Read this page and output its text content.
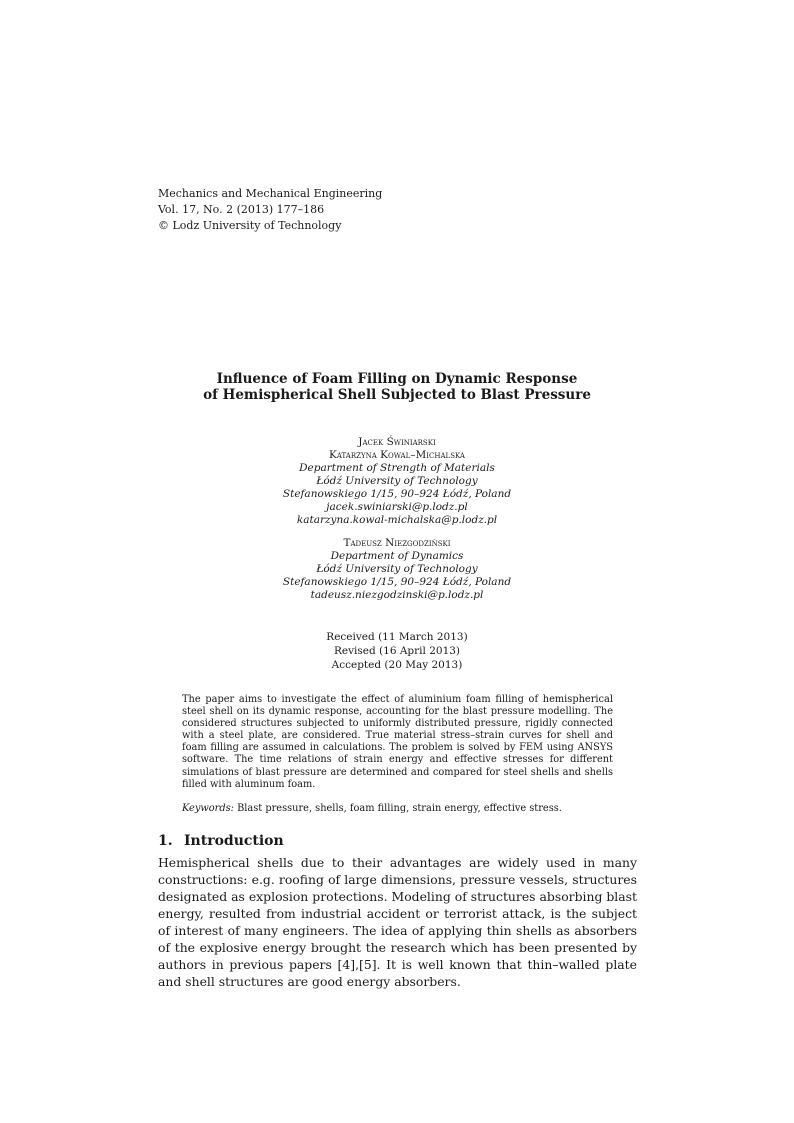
Mechanics and Mechanical Engineering
Vol. 17, No. 2 (2013) 177–186
© Lodz University of Technology
Influence of Foam Filling on Dynamic Response
of Hemispherical Shell Subjected to Blast Pressure
Jacek Świniarski
Katarzyna Kowal–Michalska
Department of Strength of Materials
Łódź University of Technology
Stefanowskiego 1/15, 90–924 Łódź, Poland
jacek.swiniarski@p.lodz.pl
katarzyna.kowal-michalska@p.lodz.pl
Tadeusz Niezgodziński
Department of Dynamics
Łódź University of Technology
Stefanowskiego 1/15, 90–924 Łódź, Poland
tadeusz.niezgodzinski@p.lodz.pl
Received (11 March 2013)
Revised (16 April 2013)
Accepted (20 May 2013)
The paper aims to investigate the effect of aluminium foam filling of hemispherical steel shell on its dynamic response, accounting for the blast pressure modelling. The considered structures subjected to uniformly distributed pressure, rigidly connected with a steel plate, are considered. True material stress–strain curves for shell and foam filling are assumed in calculations. The problem is solved by FEM using ANSYS software. The time relations of strain energy and effective stresses for different simulations of blast pressure are determined and compared for steel shells and shells filled with aluminum foam.
Keywords: Blast pressure, shells, foam filling, strain energy, effective stress.
1. Introduction
Hemispherical shells due to their advantages are widely used in many constructions: e.g. roofing of large dimensions, pressure vessels, structures designated as explosion protections. Modeling of structures absorbing blast energy, resulted from industrial accident or terrorist attack, is the subject of interest of many engineers. The idea of applying thin shells as absorbers of the explosive energy brought the research which has been presented by authors in previous papers [4],[5]. It is well known that thin–walled plate and shell structures are good energy absorbers.
